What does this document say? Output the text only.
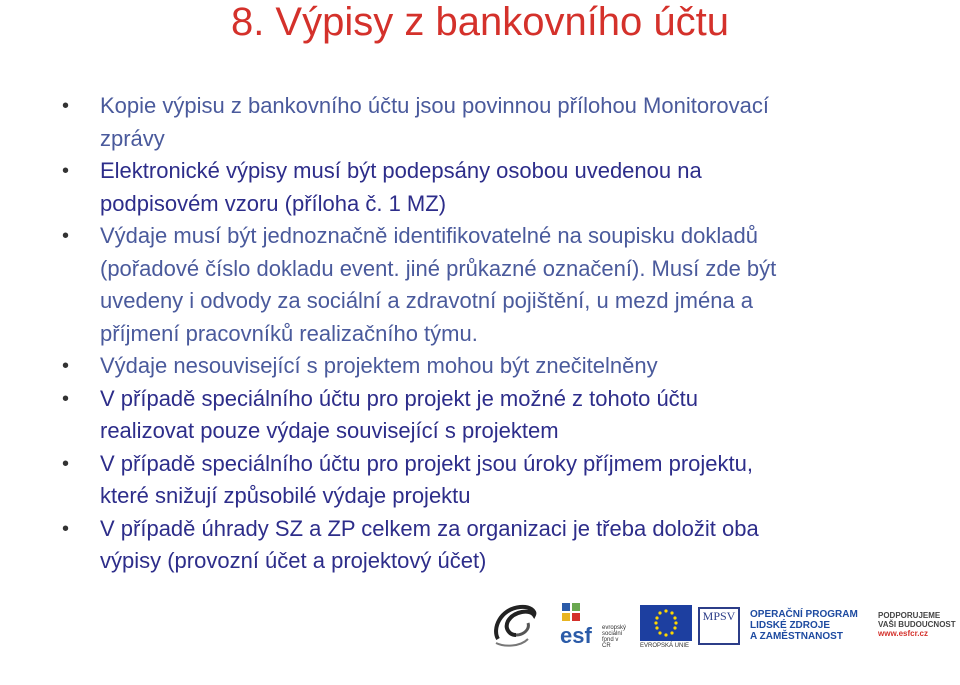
8. Výpisy z bankovního účtu
• Kopie výpisu z bankovního účtu jsou povinnou přílohou Monitorovací
zprávy
• Elektronické výpisy musí být podepsány osobou uvedenou na
podpisovém vzoru (příloha č. 1 MZ)
• Výdaje musí být jednoznačně identifikovatelné na soupisku dokladů
(pořadové číslo dokladu event. jiné průkazné označení). Musí zde být
uvedeny i odvody za sociální a zdravotní pojištění, u mezd jména a
příjmení pracovníků realizačního týmu.
• Výdaje nesouvisející s projektem mohou být znečitelněny
• V případě speciálního účtu pro projekt je možné z tohoto účtu
realizovat pouze výdaje související s projektem
• V případě speciálního účtu pro projekt jsou úroky příjmem projektu,
které snižují způsobilé výdaje projektu
• V případě úhrady SZ a ZP celkem za organizaci je třeba doložit oba
výpisy (provozní účet a projektový účet)
esf evropský
sociální
fond v ČR	EVROPSKÁ UNIE
MPSV OPERAČNÍ PROGRAM
LIDSKÉ ZDROJE
A ZAMĚSTNANOST
PODPORUJEME
VAŠI BUDOUCNOST
www.esfcr.cz
